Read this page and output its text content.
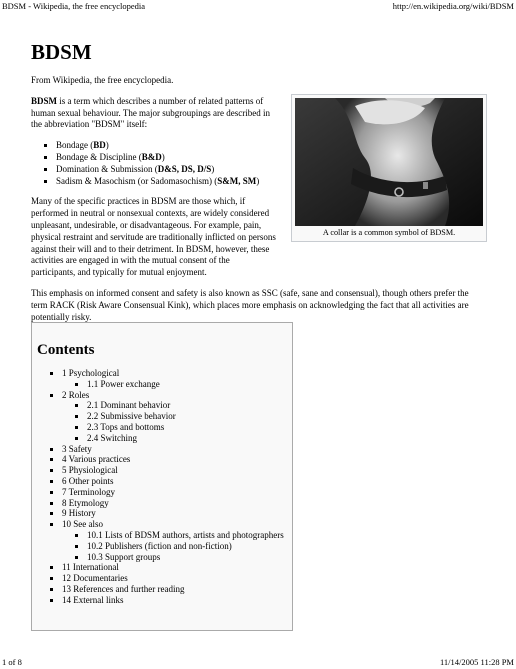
BDSM - Wikipedia, the free encyclopedia	http://en.wikipedia.org/wiki/BDSM
BDSM
From Wikipedia, the free encyclopedia.

BDSM is a term which describes a number of related patterns of human sexual behaviour. The major subgroupings are described in the abbreviation "BDSM" itself:

▪ Bondage (BD)
▪ Bondage & Discipline (B&D)
▪ Domination & Submission (D&S, DS, D/S)
▪ Sadism & Masochism (or Sadomasochism) (S&M, SM)

Many of the specific practices in BDSM are those which, if performed in neutral or nonsexual contexts, are widely considered unpleasant, undesirable, or disadvantageous. For example, pain, physical restraint and servitude are traditionally inflicted on persons against their will and to their detriment. In BDSM, however, these activities are engaged in with the mutual consent of the participants, and typically for mutual enjoyment.

This emphasis on informed consent and safety is also known as SSC (safe, sane and consensual), though others prefer the term RACK (Risk Aware Consensual Kink), which places more emphasis on acknowledging the fact that all activities are potentially risky.

A collar is a common symbol of BDSM.
Contents
▪ 1 Psychological
▪ 1.1 Power exchange
▪ 2 Roles
▪ 2.1 Dominant behavior
▪ 2.2 Submissive behavior
▪ 2.3 Tops and bottoms
▪ 2.4 Switching
▪ 3 Safety
▪ 4 Various practices
▪ 5 Physiological
▪ 6 Other points
▪ 7 Terminology
▪ 8 Etymology
▪ 9 History
▪ 10 See also
▪ 10.1 Lists of BDSM authors, artists and photographers
▪ 10.2 Publishers (fiction and non-fiction)
▪ 10.3 Support groups
▪ 11 International
▪ 12 Documentaries
▪ 13 References and further reading
▪ 14 External links
1 of 8	11/14/2005 11:28 PM
